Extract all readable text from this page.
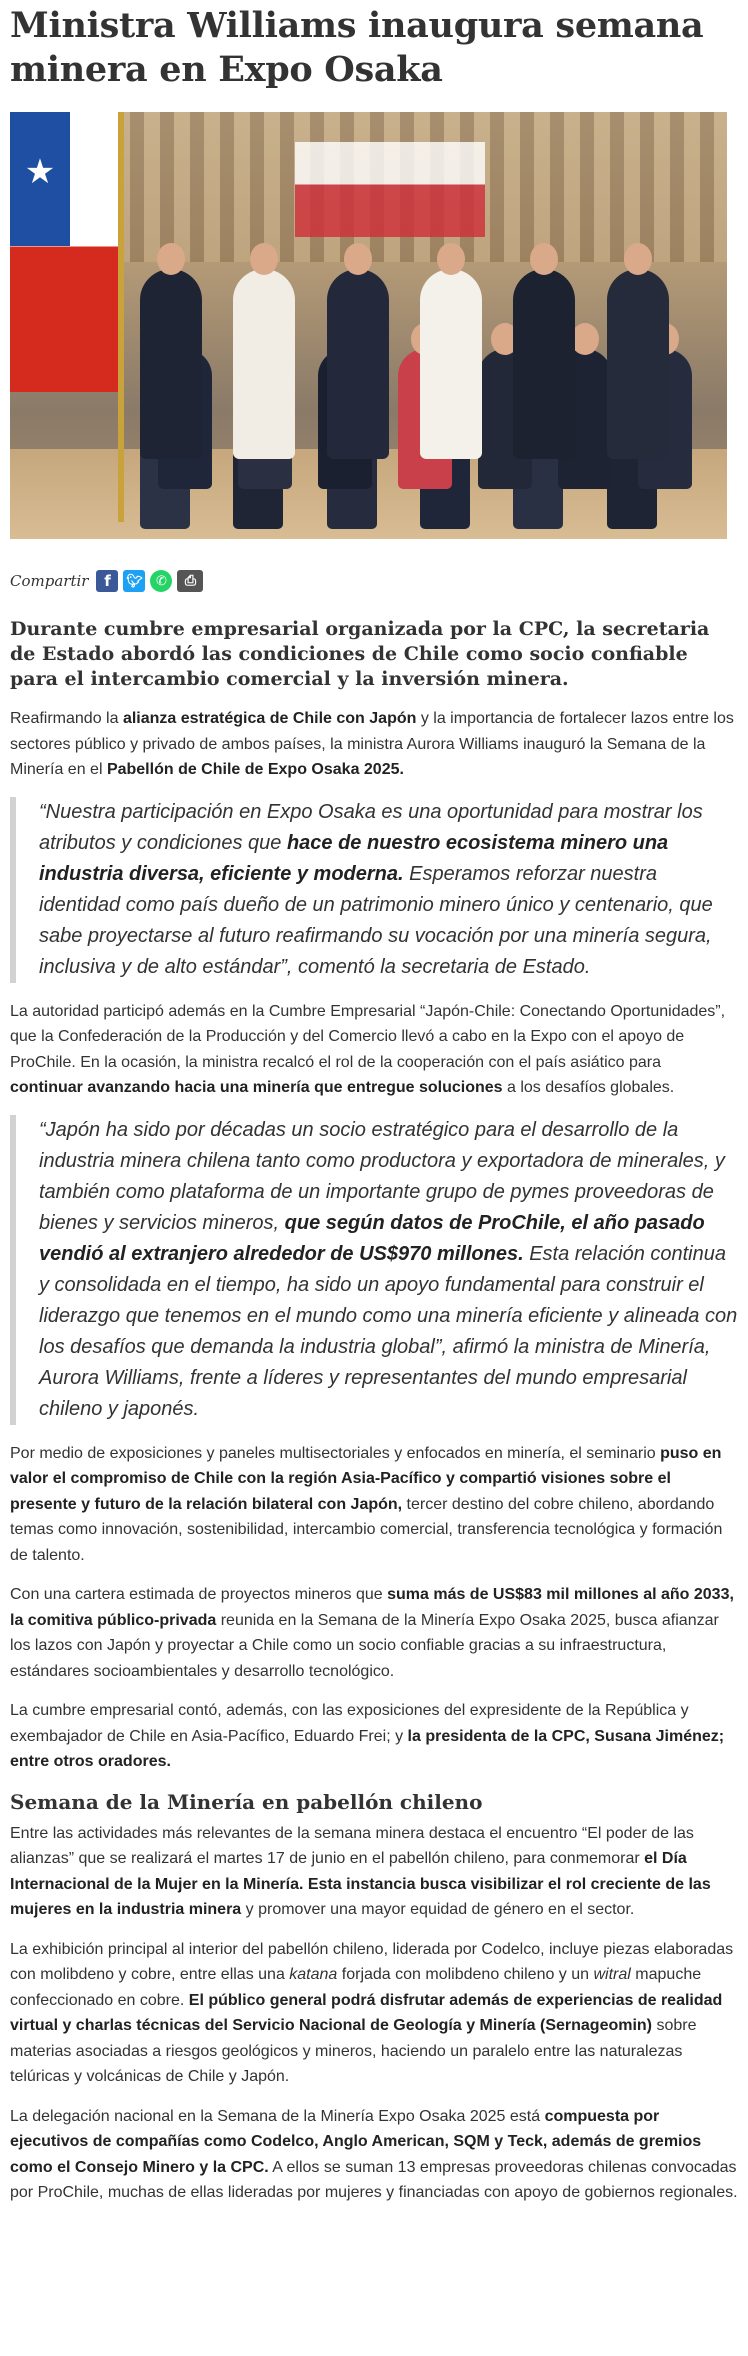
Ministra Williams inaugura semana minera en Expo Osaka
★
Compartir	f	🐦︎	✆	⎙
Durante cumbre empresarial organizada por la CPC, la secretaria de Estado abordó las condiciones de Chile como socio confiable para el intercambio comercial y la inversión minera.

Reafirmando la alianza estratégica de Chile con Japón y la importancia de fortalecer lazos entre los sectores público y privado de ambos países, la ministra Aurora Williams inauguró la Semana de la Minería en el Pabellón de Chile de Expo Osaka 2025.

“Nuestra participación en Expo Osaka es una oportunidad para mostrar los atributos y condiciones que hace de nuestro ecosistema minero una industria diversa, eficiente y moderna. Esperamos reforzar nuestra identidad como país dueño de un patrimonio minero único y centenario, que sabe proyectarse al futuro reafirmando su vocación por una minería segura, inclusiva y de alto estándar”, comentó la secretaria de Estado.

La autoridad participó además en la Cumbre Empresarial “Japón-Chile: Conectando Oportunidades”, que la Confederación de la Producción y del Comercio llevó a cabo en la Expo con el apoyo de ProChile. En la ocasión, la ministra recalcó el rol de la cooperación con el país asiático para continuar avanzando hacia una minería que entregue soluciones a los desafíos globales.

“Japón ha sido por décadas un socio estratégico para el desarrollo de la industria minera chilena tanto como productora y exportadora de minerales, y también como plataforma de un importante grupo de pymes proveedoras de bienes y servicios mineros, que según datos de ProChile, el año pasado vendió al extranjero alrededor de US$970 millones. Esta relación continua y consolidada en el tiempo, ha sido un apoyo fundamental para construir el liderazgo que tenemos en el mundo como una minería eficiente y alineada con los desafíos que demanda la industria global”, afirmó la ministra de Minería, Aurora Williams, frente a líderes y representantes del mundo empresarial chileno y japonés.

Por medio de exposiciones y paneles multisectoriales y enfocados en minería, el seminario puso en valor el compromiso de Chile con la región Asia-Pacífico y compartió visiones sobre el presente y futuro de la relación bilateral con Japón, tercer destino del cobre chileno, abordando temas como innovación, sostenibilidad, intercambio comercial, transferencia tecnológica y formación de talento.

Con una cartera estimada de proyectos mineros que suma más de US$83 mil millones al año 2033, la comitiva público-privada reunida en la Semana de la Minería Expo Osaka 2025, busca afianzar los lazos con Japón y proyectar a Chile como un socio confiable gracias a su infraestructura, estándares socioambientales y desarrollo tecnológico.

La cumbre empresarial contó, además, con las exposiciones del expresidente de la República y exembajador de Chile en Asia-Pacífico, Eduardo Frei; y la presidenta de la CPC, Susana Jiménez; entre otros oradores.

Semana de la Minería en pabellón chileno

Entre las actividades más relevantes de la semana minera destaca el encuentro “El poder de las alianzas” que se realizará el martes 17 de junio en el pabellón chileno, para conmemorar el Día Internacional de la Mujer en la Minería. Esta instancia busca visibilizar el rol creciente de las mujeres en la industria minera y promover una mayor equidad de género en el sector.

La exhibición principal al interior del pabellón chileno, liderada por Codelco, incluye piezas elaboradas con molibdeno y cobre, entre ellas una katana forjada con molibdeno chileno y un witral mapuche confeccionado en cobre. El público general podrá disfrutar además de experiencias de realidad virtual y charlas técnicas del Servicio Nacional de Geología y Minería (Sernageomin) sobre materias asociadas a riesgos geológicos y mineros, haciendo un paralelo entre las naturalezas telúricas y volcánicas de Chile y Japón.

La delegación nacional en la Semana de la Minería Expo Osaka 2025 está compuesta por ejecutivos de compañías como Codelco, Anglo American, SQM y Teck, además de gremios como el Consejo Minero y la CPC. A ellos se suman 13 empresas proveedoras chilenas convocadas por ProChile, muchas de ellas lideradas por mujeres y financiadas con apoyo de gobiernos regionales.
